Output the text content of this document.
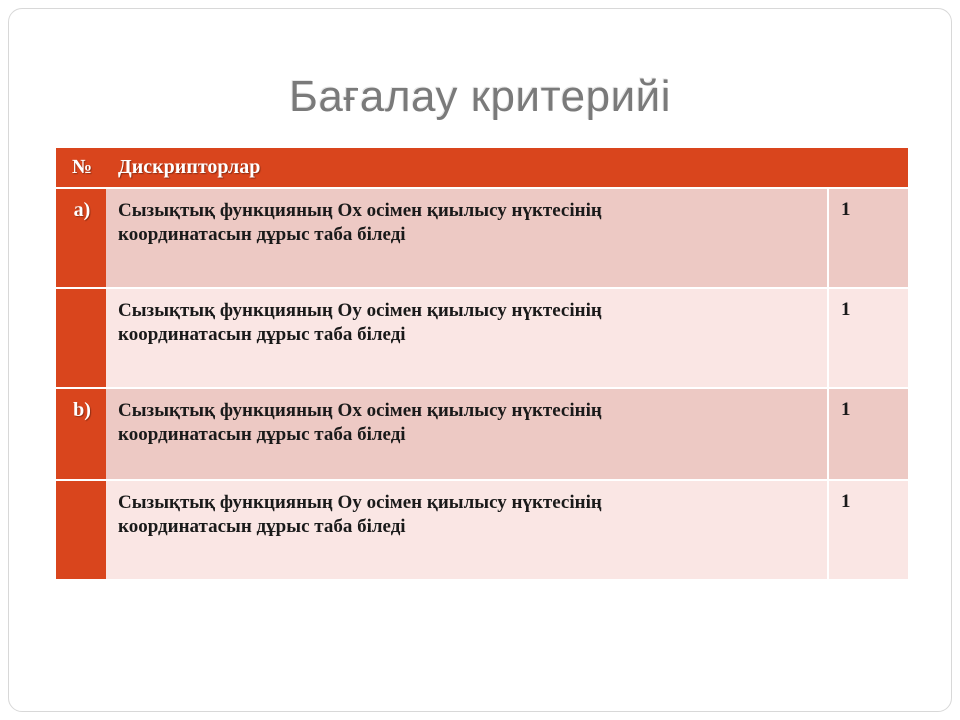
Бағалау критерийі
№	Дискрипторлар	
a)	Сызықтық функцияның Ох осімен қиылысу нүктесінің
координатасын дұрыс таба біледі	1

	Сызықтық функцияның Оу осімен қиылысу нүктесінің
координатасын дұрыс таба біледі	1
b)	Сызықтық функцияның Ох осімен қиылысу нүктесінің
координатасын дұрыс таба біледі	1

	Сызықтық функцияның Оу осімен қиылысу нүктесінің
координатасын дұрыс таба біледі	1
